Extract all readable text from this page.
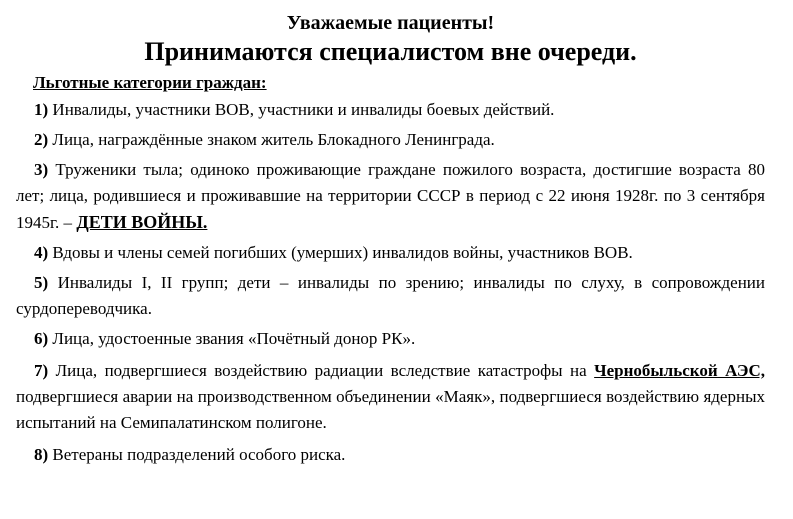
Уважаемые пациенты!
Принимаются специалистом вне очереди.
Льготные категории граждан:
1) Инвалиды, участники ВОВ, участники и инвалиды боевых действий.
2) Лица, награждённые знаком житель Блокадного Ленинграда.
3) Труженики тыла; одиноко проживающие граждане пожилого возраста, достигшие возраста 80 лет; лица, родившиеся и проживавшие на территории СССР в период с 22 июня 1928г. по 3 сентября 1945г. – ДЕТИ ВОЙНЫ.
4) Вдовы и члены семей погибших (умерших) инвалидов войны, участников ВОВ.
5) Инвалиды I, II групп; дети – инвалиды по зрению; инвалиды по слуху, в сопровождении сурдопереводчика.
6) Лица, удостоенные звания «Почётный донор РК».
7) Лица, подвергшиеся воздействию радиации вследствие катастрофы на Чернобыльской АЭС, подвергшиеся аварии на производственном объединении «Маяк», подвергшиеся воздействию ядерных испытаний на Семипалатинском полигоне.
8) Ветераны подразделений особого риска.
